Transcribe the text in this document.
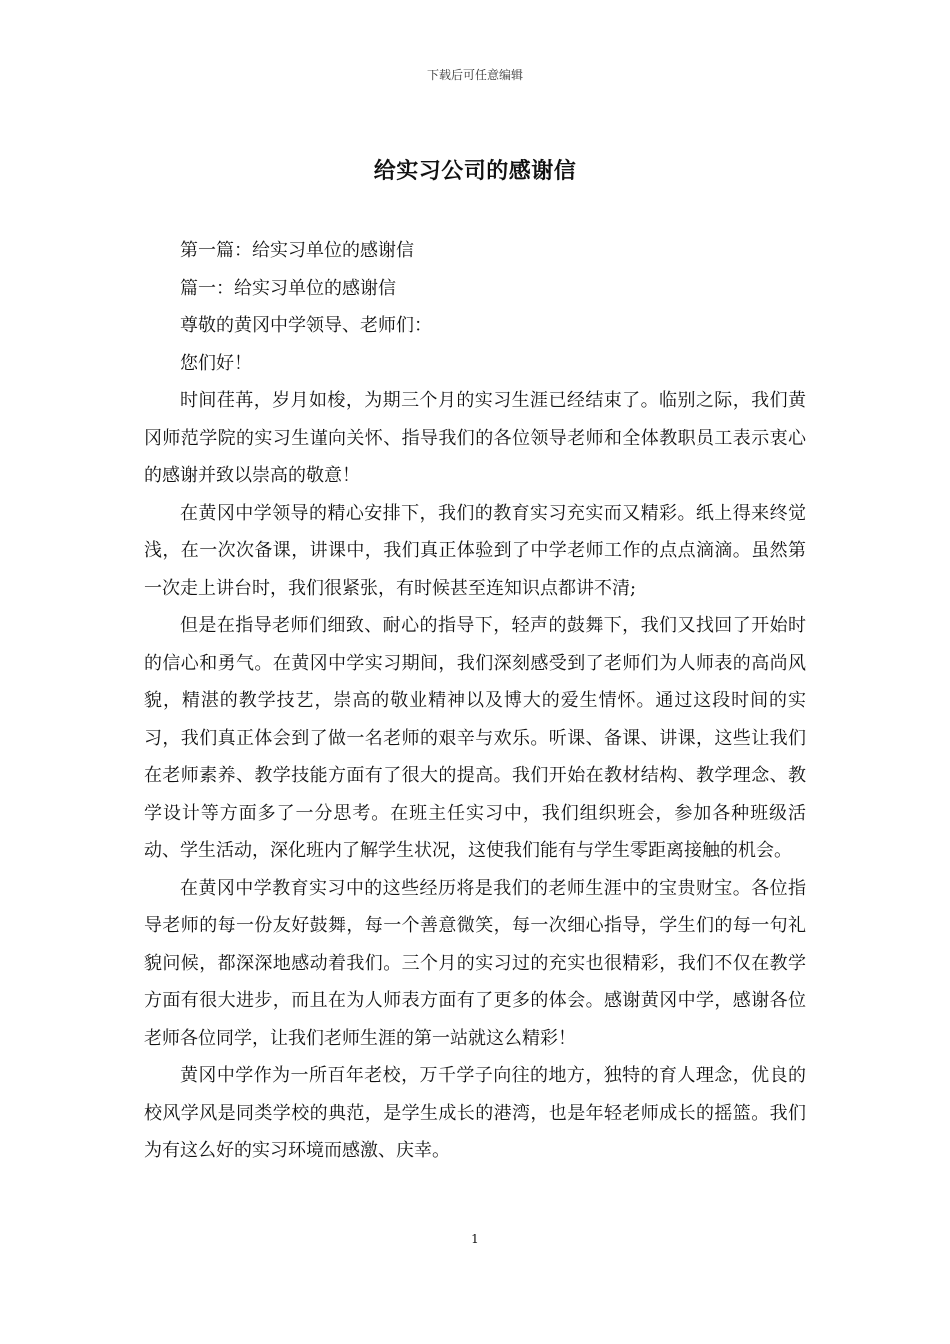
下载后可任意编辑
给实习公司的感谢信

第一篇：给实习单位的感谢信

篇一：给实习单位的感谢信

尊敬的黄冈中学领导、老师们：

您们好！

时间荏苒，岁月如梭，为期三个月的实习生涯已经结束了。临别之际，我们黄冈师范学院的实习生谨向关怀、指导我们的各位领导老师和全体教职员工表示衷心的感谢并致以崇高的敬意！

在黄冈中学领导的精心安排下，我们的教育实习充实而又精彩。纸上得来终觉浅，在一次次备课，讲课中，我们真正体验到了中学老师工作的点点滴滴。虽然第一次走上讲台时，我们很紧张，有时候甚至连知识点都讲不清;

但是在指导老师们细致、耐心的指导下，轻声的鼓舞下，我们又找回了开始时的信心和勇气。在黄冈中学实习期间，我们深刻感受到了老师们为人师表的高尚风貌，精湛的教学技艺，崇高的敬业精神以及博大的爱生情怀。通过这段时间的实习，我们真正体会到了做一名老师的艰辛与欢乐。听课、备课、讲课，这些让我们在老师素养、教学技能方面有了很大的提高。我们开始在教材结构、教学理念、教学设计等方面多了一分思考。在班主任实习中，我们组织班会，参加各种班级活动、学生活动，深化班内了解学生状况，这使我们能有与学生零距离接触的机会。

在黄冈中学教育实习中的这些经历将是我们的老师生涯中的宝贵财宝。各位指导老师的每一份友好鼓舞，每一个善意微笑，每一次细心指导，学生们的每一句礼貌问候，都深深地感动着我们。三个月的实习过的充实也很精彩，我们不仅在教学方面有很大进步，而且在为人师表方面有了更多的体会。感谢黄冈中学，感谢各位老师各位同学，让我们老师生涯的第一站就这么精彩！

黄冈中学作为一所百年老校，万千学子向往的地方，独特的育人理念，优良的校风学风是同类学校的典范，是学生成长的港湾，也是年轻老师成长的摇篮。我们为有这么好的实习环境而感激、庆幸。

1
